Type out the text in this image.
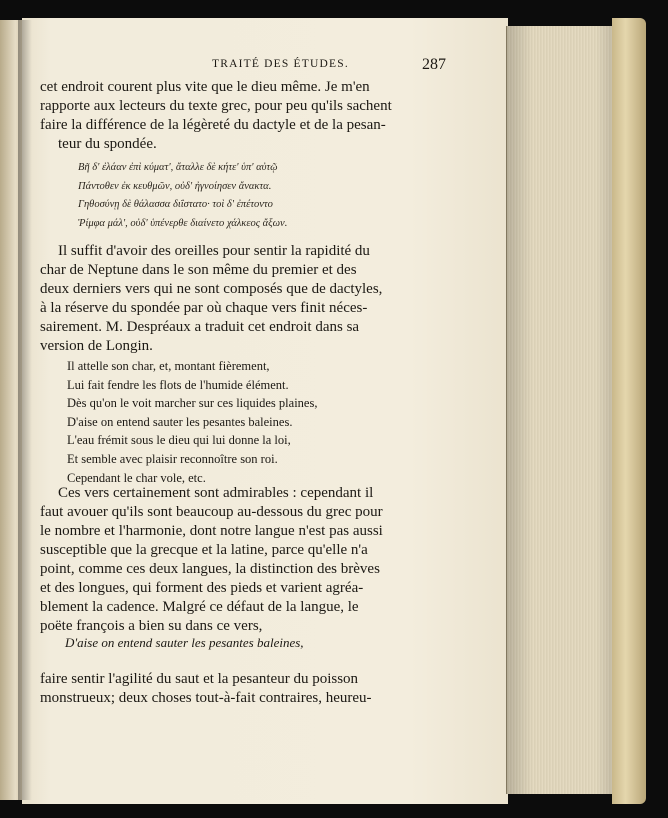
TRAITÉ DES ÉTUDES.	287
cet endroit courent plus vite que le dieu même. Je m'en
rapporte aux lecteurs du texte grec, pour peu qu'ils sachent
faire la différence de la légèreté du dactyle et de la pesan-
teur du spondée.
Βῆ δ' ἐλάαν ἐπὶ κύματ', ἄταλλε δὲ κήτε' ὑπ' αὐτῷ
Πάντοθεν ἐκ κευθμῶν, οὐδ' ἠγνοίησεν ἄνακτα.
Γηθοσύνῃ δὲ θάλασσα διΐστατο· τοὶ δ' ἐπέτοντο
Ῥίμφα μάλ', οὐδ' ὑπένερθε διαίνετο χάλκεος ἄξων.
Il suffit d'avoir des oreilles pour sentir la rapidité du
char de Neptune dans le son même du premier et des
deux derniers vers qui ne sont composés que de dactyles,
à la réserve du spondée par où chaque vers finit néces-
sairement. M. Despréaux a traduit cet endroit dans sa
version de Longin.
Il attelle son char, et, montant fièrement,
Lui fait fendre les flots de l'humide élément.
Dès qu'on le voit marcher sur ces liquides plaines,
D'aise on entend sauter les pesantes baleines.
L'eau frémit sous le dieu qui lui donne la loi,
Et semble avec plaisir reconnoître son roi.
Cependant le char vole, etc.
Ces vers certainement sont admirables : cependant il
faut avouer qu'ils sont beaucoup au-dessous du grec pour
le nombre et l'harmonie, dont notre langue n'est pas aussi
susceptible que la grecque et la latine, parce qu'elle n'a
point, comme ces deux langues, la distinction des brèves
et des longues, qui forment des pieds et varient agréa-
blement la cadence. Malgré ce défaut de la langue, le
poëte françois a bien su dans ce vers,
D'aise on entend sauter les pesantes baleines,
faire sentir l'agilité du saut et la pesanteur du poisson
monstrueux; deux choses tout-à-fait contraires, heureu-
